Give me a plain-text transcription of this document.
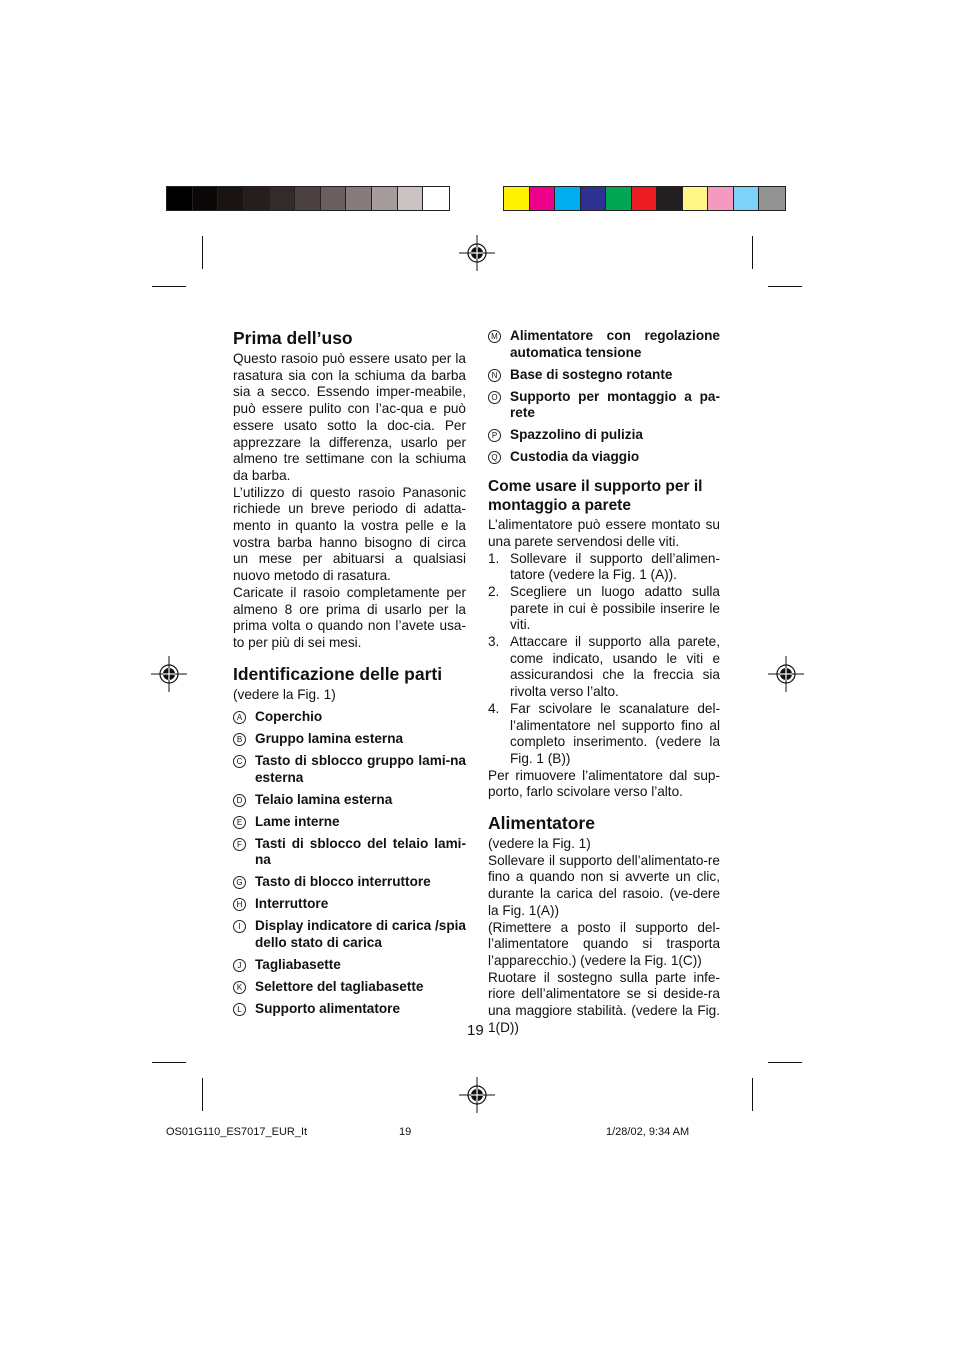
Prima dell’uso

Questo rasoio può essere usato per la rasatura sia con la schiuma da barba sia a secco. Essendo imper-meabile, può essere pulito con l’ac-qua e può essere usato sotto la doc-cia. Per apprezzare la differenza, usarlo per almeno tre settimane con la schiuma da barba.

L’utilizzo di questo rasoio Panasonic richiede un breve periodo di adatta-mento in quanto la vostra pelle e la vostra barba hanno bisogno di circa un mese per abituarsi a qualsiasi nuovo metodo di rasatura.

Caricate il rasoio completamente per almeno 8 ore prima di usarlo per la prima volta o quando non l’avete usa-to per più di sei mesi.

Identificazione delle parti

(vedere la Fig. 1)

A Coperchio
B Gruppo lamina esterna
C Tasto di sblocco gruppo lami-na esterna
D Telaio lamina esterna
E Lame interne
F Tasti di sblocco del telaio lami-na
G Tasto di blocco interruttore
H Interruttore
I	Display indicatore di carica /spia dello stato di carica
J Tagliabasette
K Selettore del tagliabasette
L Supporto alimentatore
M Alimentatore con regolazione automatica tensione
N Base di sostegno rotante
O Supporto per montaggio a pa-rete
P Spazzolino di pulizia
Q Custodia da viaggio
Come usare il supporto per il montaggio a parete

L’alimentatore può essere montato su una parete servendosi delle viti.

1. Sollevare il supporto dell’alimen-tatore (vedere la Fig. 1 (A)).
2. Scegliere un luogo adatto sulla parete in cui è possibile inserire le viti.
3. Attaccare il supporto alla parete, come indicato, usando le viti e assicurandosi che la freccia sia rivolta verso l’alto.
4. Far scivolare le scanalature del-l’alimentatore nel supporto fino al completo inserimento. (vedere la Fig. 1 (B))

Per rimuovere l’alimentatore dal sup-porto, farlo scivolare verso l’alto.

Alimentatore

(vedere la Fig. 1)

Sollevare il supporto dell’alimentato-re fino a quando non si avverte un clic, durante la carica del rasoio. (ve-dere la Fig. 1(A))

(Rimettere a posto il supporto del-l’alimentatore quando si trasporta l’apparecchio.) (vedere la Fig. 1(C))

Ruotare il sostegno sulla parte infe-riore dell’alimentatore se si deside-ra una maggiore stabilità. (vedere la Fig. 1(D))

19
OS01G110_ES7017_EUR_It	19	1/28/02, 9:34 AM
